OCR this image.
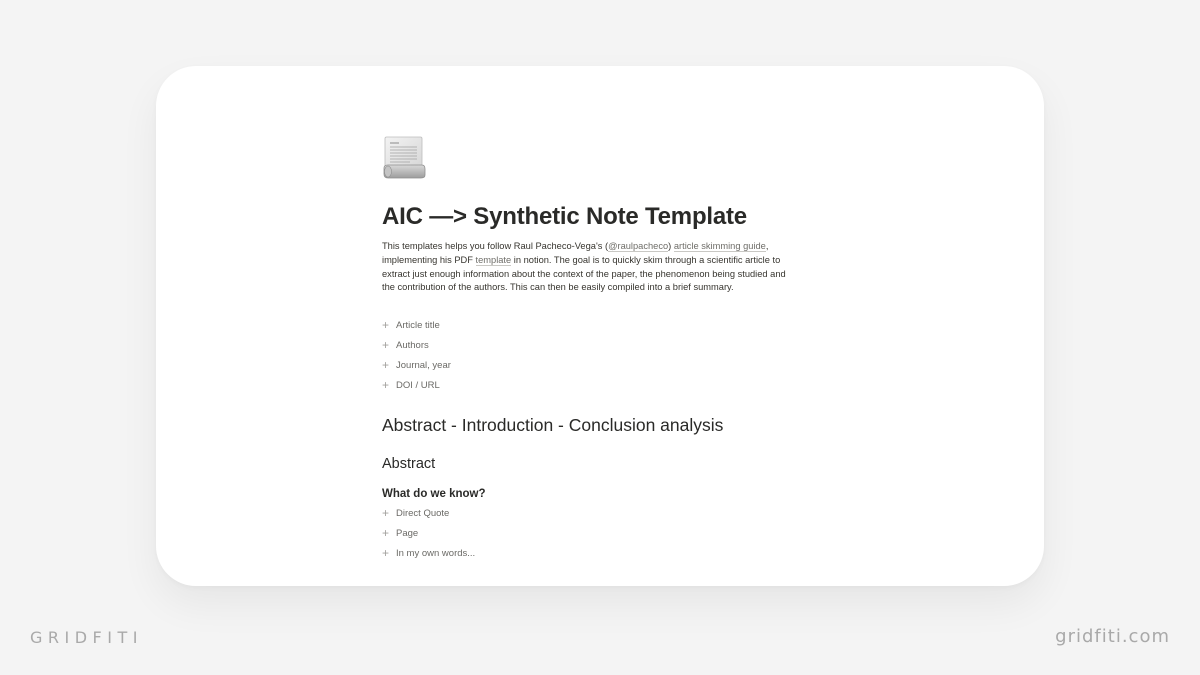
AIC —> Synthetic Note Template

This templates helps you follow Raul Pacheco-Vega's (@raulpacheco) article skimming guide, implementing his PDF template in notion. The goal is to quickly skim through a scientific article to extract just enough information about the context of the paper, the phenomenon being studied and the contribution of the authors. This can then be easily compiled into a brief summary.

+ Article title
+ Authors
+ Journal, year
+ DOI / URL
Abstract - Introduction - Conclusion analysis
Abstract
What do we know?
+ Direct Quote
+ Page
+ In my own words...
GRIDFITI	gridfiti.com
